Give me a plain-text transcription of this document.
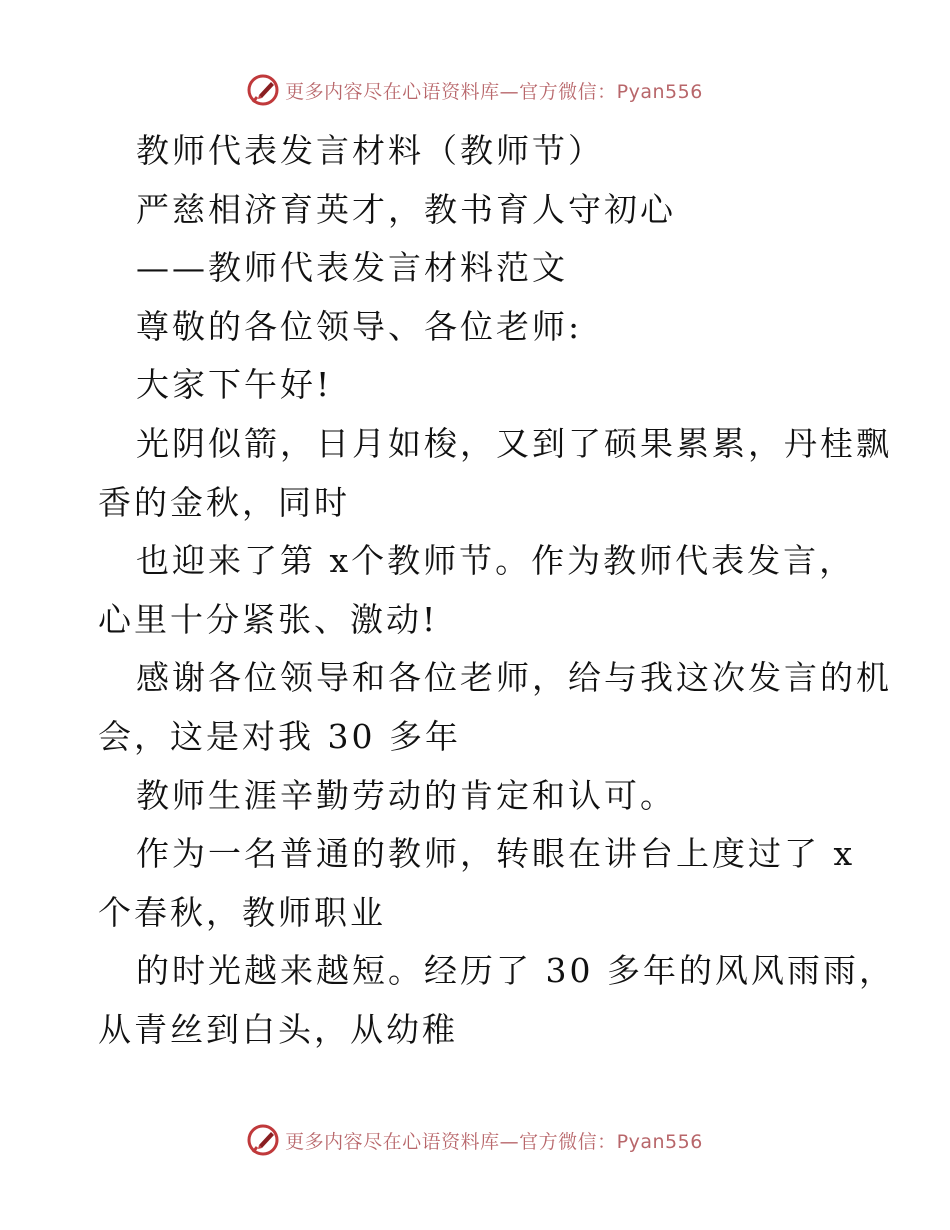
更多内容尽在心语资料库—官方微信：Pyan556

教师代表发言材料（教师节）

严慈相济育英才，教书育人守初心

——教师代表发言材料范文

尊敬的各位领导、各位老师:

大家下午好!

光阴似箭，日月如梭，又到了硕果累累，丹桂飘

香的金秋，同时

也迎来了第 x个教师节。作为教师代表发言，

心里十分紧张、激动!

感谢各位领导和各位老师，给与我这次发言的机

会，这是对我 30 多年

教师生涯辛勤劳动的肯定和认可。

作为一名普通的教师，转眼在讲台上度过了 x

个春秋，教师职业

的时光越来越短。经历了 30 多年的风风雨雨，

从青丝到白头，从幼稚

更多内容尽在心语资料库—官方微信：Pyan556
